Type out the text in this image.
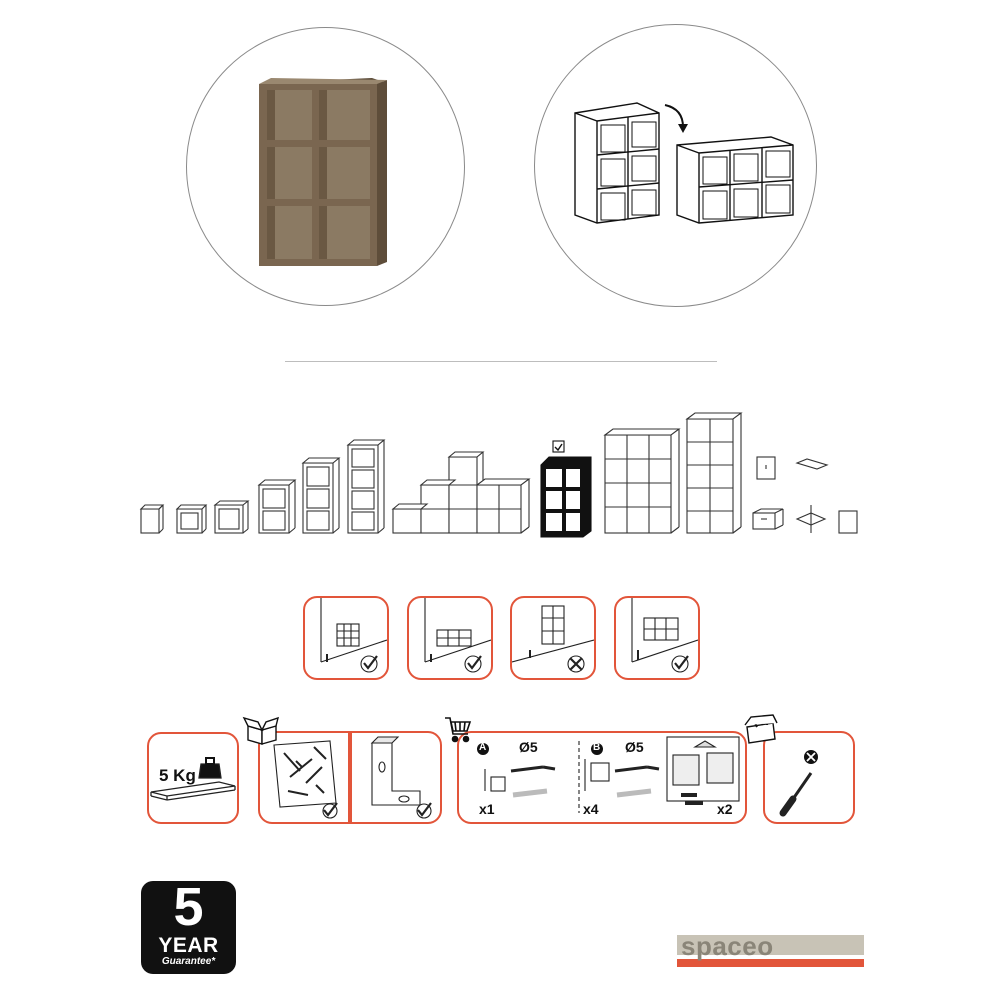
5 Kg
A Ø5
x1
B Ø5
x4	x2
5
YEAR
Guarantee*
spaceo
